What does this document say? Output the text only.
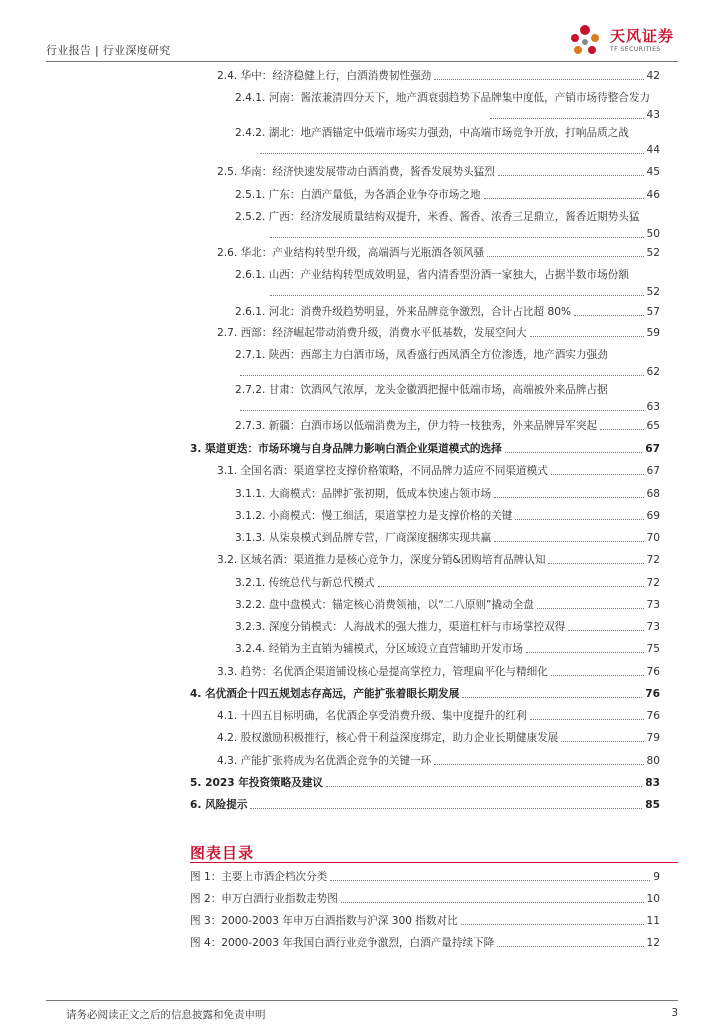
行业报告 | 行业深度研究
天风证券
TF SECURITIES
2.4. 华中：经济稳健上行，白酒消费韧性强劲	42
2.4.1. 河南：酱浓兼清四分天下，地产酒衰弱趋势下品牌集中度低，产销市场待整合发力
43
2.4.2. 湖北：地产酒锚定中低端市场实力强劲，中高端市场竞争开放，打响品质之战
44
2.5. 华南：经济快速发展带动白酒消费，酱香发展势头猛烈	45
2.5.1. 广东：白酒产量低，为各酒企业争夺市场之地	46
2.5.2. 广西：经济发展质量结构双提升，米香、酱香、浓香三足鼎立，酱香近期势头猛
50
2.6. 华北：产业结构转型升级，高端酒与光瓶酒各领风骚	52
2.6.1. 山西：产业结构转型成效明显，省内清香型汾酒一家独大，占据半数市场份额
52
2.6.1. 河北：消费升级趋势明显，外来品牌竞争激烈，合计占比超 80%	57
2.7. 西部：经济崛起带动消费升级，消费水平低基数，发展空间大	59
2.7.1. 陕西：西部主力白酒市场，凤香盛行西凤酒全方位渗透，地产酒实力强劲
62
2.7.2. 甘肃：饮酒风气浓厚，龙头金徽酒把握中低端市场，高端被外来品牌占据
63
2.7.3. 新疆：白酒市场以低端消费为主，伊力特一枝独秀，外来品牌异军突起	65
3. 渠道更迭：市场环境与自身品牌力影响白酒企业渠道模式的选择	67
3.1. 全国名酒：渠道掌控支撑价格策略，不同品牌力适应不同渠道模式	67
3.1.1. 大商模式：品牌扩张初期，低成本快速占领市场	68
3.1.2. 小商模式：慢工细活，渠道掌控力是支撑价格的关键	69
3.1.3. 从柒泉模式到品牌专营，厂商深度捆绑实现共赢	70
3.2. 区域名酒：渠道推力是核心竞争力，深度分销&团购培育品牌认知	72
3.2.1. 传统总代与新总代模式	72
3.2.2. 盘中盘模式：锚定核心消费领袖，以“二八原则”撬动全盘	73
3.2.3. 深度分销模式：人海战术的强大推力，渠道杠杆与市场掌控双得	73
3.2.4. 经销为主直销为辅模式，分区域设立直营辅助开发市场	75
3.3. 趋势：名优酒企渠道铺设核心是提高掌控力，管理扁平化与精细化	76
4. 名优酒企十四五规划志存高远，产能扩张着眼长期发展	76
4.1. 十四五目标明确，名优酒企享受消费升级、集中度提升的红利	76
4.2. 股权激励积极推行，核心骨干利益深度绑定，助力企业长期健康发展	79
4.3. 产能扩张将成为名优酒企竞争的关键一环	80
5. 2023 年投资策略及建议	83
6. 风险提示	85
图表目录
图 1：主要上市酒企档次分类	9
图 2：申万白酒行业指数走势图	10
图 3：2000-2003 年申万白酒指数与沪深 300 指数对比	11
图 4：2000-2003 年我国白酒行业竞争激烈，白酒产量持续下降	12
请务必阅读正文之后的信息披露和免责申明	3
